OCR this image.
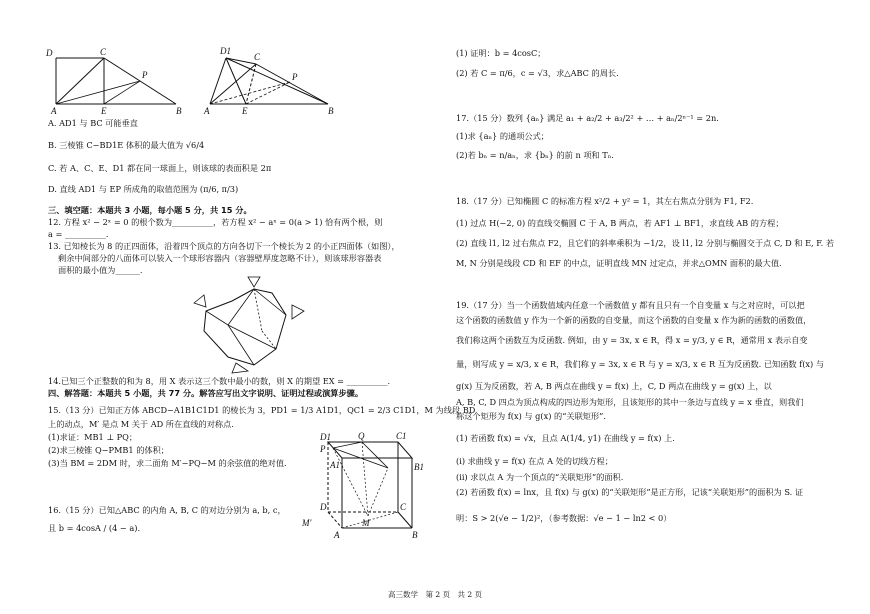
D	C
P
A	E	B
D1
C
P
A	E	B
A. AD1 与 BC 可能垂直
B. 三棱锥 C−BD1E 体积的最大值为 √6/4
C. 若 A、C、E、D1 都在同一球面上，则该球的表面积是 2π
D. 直线 AD1 与 EP 所成角的取值范围为 (π/6, π/3)
三、填空题：本题共 3 小题，每小题 5 分，共 15 分。
12. 方程 x² − 2ˣ = 0 的根个数为__________，若方程 x² − aˣ = 0(a > 1) 恰有两个根，则
a = __________.
13. 已知棱长为 8 的正四面体，沿着四个顶点的方向各切下一个棱长为 2 的小正四面体（如图），
剩余中间部分的八面体可以装入一个球形容器内（容器壁厚度忽略不计），则该球形容器表
面积的最小值为______.
14.已知三个正整数的和为 8，用 X 表示这三个数中最小的数，则 X 的期望 EX = __________.
四、解答题：本题共 5 小题，共 77 分。解答应写出文字说明、证明过程或演算步骤。
15.（13 分）已知正方体 ABCD−A1B1C1D1 的棱长为 3，PD1 = 1/3 A1D1，QC1 = 2/3 C1D1，M 为线段 BD
上的动点，M′ 是点 M 关于 AD 所在直线的对称点.
(1)求证：MB1 ⊥ PQ；
(2)求三棱锥 Q−PMB1 的体积；
(3)当 BM = 2DM 时，求二面角 M′−PQ−M 的余弦值的绝对值.
D1	Q	C1
P
A1	B1
D	C
M
A	B
M′
16.（15 分）已知△ABC 的内角 A, B, C 的对边分别为 a, b, c，
且 b = 4cosA / (4 − a).
(1) 证明：b = 4cosC；
(2) 若 C = π/6，c = √3，求△ABC 的周长.
17.（15 分）数列 {aₙ} 满足 a₁ + a₂/2 + a₃/2² + … + aₙ/2ⁿ⁻¹ = 2n.
(1)求 {aₙ} 的通项公式；
(2)若 bₙ = n/aₙ，求 {bₙ} 的前 n 项和 Tₙ.
18.（17 分）已知椭圆 C 的标准方程 x²/2 + y² = 1，其左右焦点分别为 F1, F2.
(1) 过点 H(−2, 0) 的直线交椭圆 C 于 A, B 两点，若 AF1 ⊥ BF1，求直线 AB 的方程；
(2) 直线 l1, l2 过右焦点 F2，且它们的斜率乘积为 −1/2，设 l1, l2 分别与椭圆交于点 C, D 和 E, F. 若
M, N 分别是线段 CD 和 EF 的中点，证明直线 MN 过定点，并求△OMN 面积的最大值.
19.（17 分）当一个函数值域内任意一个函数值 y 都有且只有一个自变量 x 与之对应时，可以把
这个函数的函数值 y 作为一个新的函数的自变量，而这个函数的自变量 x 作为新的函数的函数值，
我们称这两个函数互为反函数. 例如，由 y = 3x, x ∈ R，得 x = y/3, y ∈ R，通常用 x 表示自变
量，则写成 y = x/3, x ∈ R，我们称 y = 3x, x ∈ R 与 y = x/3, x ∈ R 互为反函数. 已知函数 f(x) 与
g(x) 互为反函数，若 A, B 两点在曲线 y = f(x) 上，C, D 两点在曲线 y = g(x) 上，以
A, B, C, D 四点为顶点构成的四边形为矩形，且该矩形的其中一条边与直线 y = x 垂直，则我们
称这个矩形为 f(x) 与 g(x) 的“关联矩形”.
(1) 若函数 f(x) = √x，且点 A(1/4, y1) 在曲线 y = f(x) 上.
(i) 求曲线 y = f(x) 在点 A 处的切线方程；
(ii) 求以点 A 为一个顶点的“关联矩形”的面积.
(2) 若函数 f(x) = lnx，且 f(x) 与 g(x) 的“关联矩形”是正方形，记该“关联矩形”的面积为 S. 证
明：S > 2(√e − 1/2)²，（参考数据：√e − 1 − ln2 < 0）
高三数学　第 2 页　共 2 页
